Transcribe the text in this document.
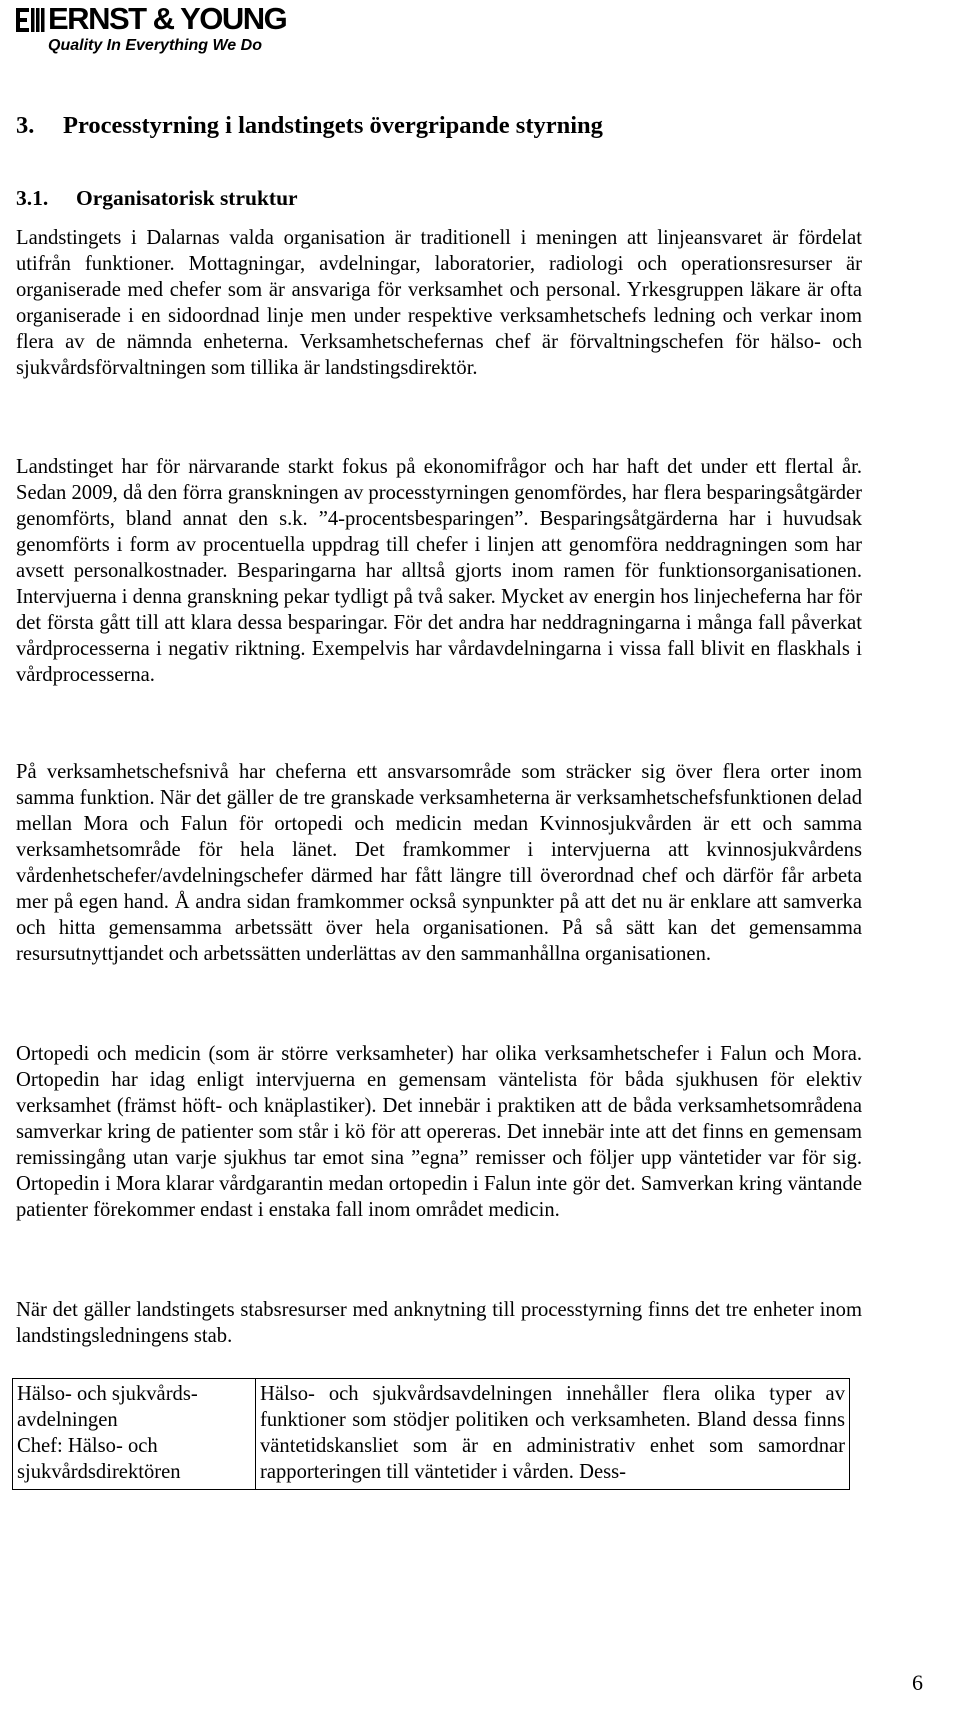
ERNST & YOUNG
Quality In Everything We Do
3. Processtyrning i landstingets övergripande styrning
3.1. Organisatorisk struktur

Landstingets i Dalarnas valda organisation är traditionell i meningen att linjeansvaret är fördelat utifrån funktioner. Mottagningar, avdelningar, laboratorier, radiologi och operationsresurser är organiserade med chefer som är ansvariga för verksamhet och personal. Yrkesgruppen läkare är ofta organiserade i en sidoordnad linje men under respektive verksamhetschefs ledning och verkar inom flera av de nämnda enheterna. Verksamhetschefernas chef är förvaltningschefen för hälso- och sjukvårdsförvaltningen som tillika är landstingsdirektör.

Landstinget har för närvarande starkt fokus på ekonomifrågor och har haft det under ett flertal år. Sedan 2009, då den förra granskningen av processtyrningen genomfördes, har flera besparingsåtgärder genomförts, bland annat den s.k. ”4-procentsbesparingen”. Besparingsåtgärderna har i huvudsak genomförts i form av procentuella uppdrag till chefer i linjen att genomföra neddragningen som har avsett personalkostnader. Besparingarna har alltså gjorts inom ramen för funktionsorganisationen. Intervjuerna i denna granskning pekar tydligt på två saker. Mycket av energin hos linjecheferna har för det första gått till att klara dessa besparingar. För det andra har neddragningarna i många fall påverkat vårdprocesserna i negativ riktning. Exempelvis har vårdavdelningarna i vissa fall blivit en flaskhals i vårdprocesserna.

På verksamhetschefsnivå har cheferna ett ansvarsområde som sträcker sig över flera orter inom samma funktion. När det gäller de tre granskade verksamheterna är verksamhetschefsfunktionen delad mellan Mora och Falun för ortopedi och medicin medan Kvinnosjukvården är ett och samma verksamhetsområde för hela länet. Det framkommer i intervjuerna att kvinnosjukvårdens vårdenhetschefer/avdelningschefer därmed har fått längre till överordnad chef och därför får arbeta mer på egen hand. Å andra sidan framkommer också synpunkter på att det nu är enklare att samverka och hitta gemensamma arbetssätt över hela organisationen. På så sätt kan det gemensamma resursutnyttjandet och arbetssätten underlättas av den sammanhållna organisationen.

Ortopedi och medicin (som är större verksamheter) har olika verksamhetschefer i Falun och Mora. Ortopedin har idag enligt intervjuerna en gemensam väntelista för båda sjukhusen för elektiv verksamhet (främst höft- och knäplastiker). Det innebär i praktiken att de båda verksamhetsområdena samverkar kring de patienter som står i kö för att opereras. Det innebär inte att det finns en gemensam remissingång utan varje sjukhus tar emot sina ”egna” remisser och följer upp väntetider var för sig. Ortopedin i Mora klarar vårdgarantin medan ortopedin i Falun inte gör det. Samverkan kring väntande patienter förekommer endast i enstaka fall inom området medicin.

När det gäller landstingets stabsresurser med anknytning till processtyrning finns det tre enheter inom landstingsledningens stab.

Hälso- och sjukvårds-
avdelningen
Chef: Hälso- och
sjukvårdsdirektören
	Hälso- och sjukvårdsavdelningen innehåller flera olika typer av funktioner som stödjer politiken och verksamheten. Bland dessa finns väntetidskansliet som är en administrativ enhet som samordnar rapporteringen till väntetider i vården. Dess-
6
